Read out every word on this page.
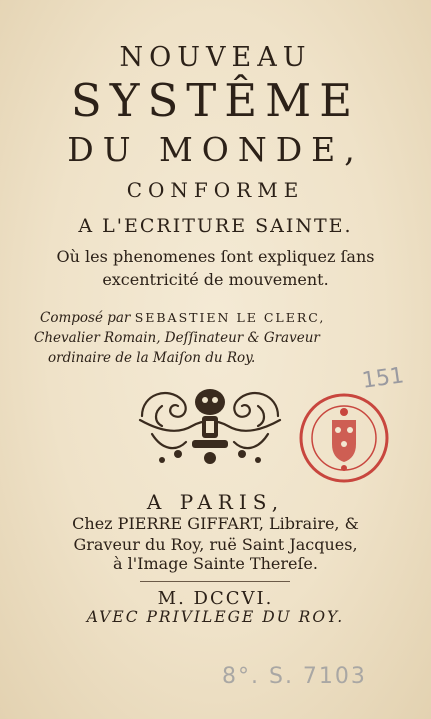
NOUVEAU
SYSTÊME
DU MONDE,
CONFORME
A L'ECRITURE SAINTE.
Où les phenomenes ſont expliquez ſans
excentricité de mouvement.
Composé par SEBASTIEN LE CLERC,
Chevalier Romain, Deſſinateur & Graveur
ordinaire de la Maiſon du Roy.
151
A PARIS,
Chez PIERRE GIFFART, Libraire, &
Graveur du Roy, ruë Saint Jacques,
à l'Image Sainte Thereſe.
M. DCCVI.
AVEC PRIVILEGE DU ROY.
8°. S. 7103
